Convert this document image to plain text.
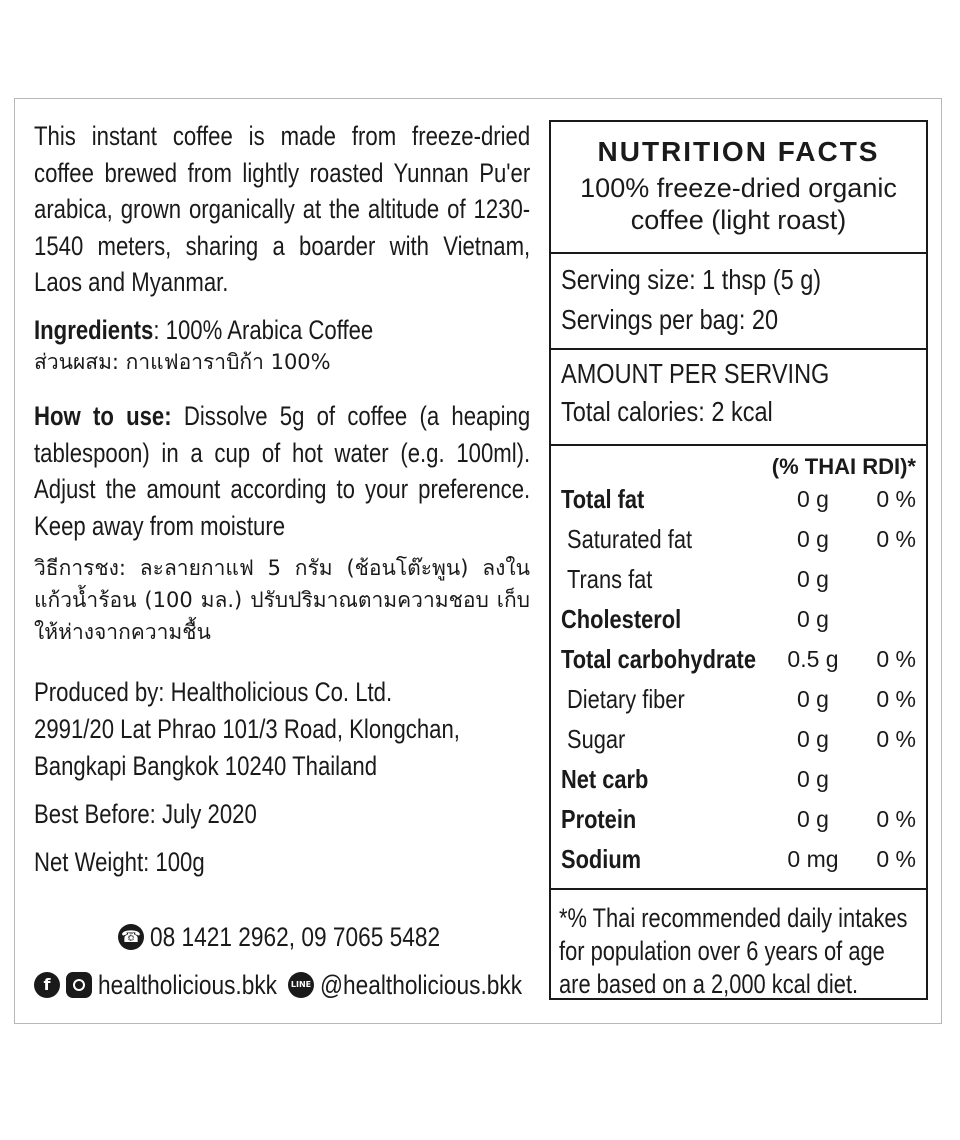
This instant coffee is made from freeze-dried coffee brewed from lightly roasted Yunnan Pu'er arabica, grown organically at the altitude of 1230-1540 meters, sharing a boarder with Vietnam, Laos and Myanmar.

Ingredients: 100% Arabica Coffee

ส่วนผสม: กาแฟอาราบิก้า 100%

How to use: Dissolve 5g of coffee (a heaping tablespoon) in a cup of hot water (e.g. 100ml). Adjust the amount according to your preference. Keep away from moisture

วิธีการชง: ละลายกาแฟ 5 กรัม (ช้อนโต๊ะพูน) ลงในแก้วน้ำร้อน (100 มล.) ปรับปริมาณตามความชอบ เก็บให้ห่างจากความชื้น

Produced by: Healtholicious Co. Ltd.

2991/20 Lat Phrao 101/3 Road, Klongchan,

Bangkapi Bangkok 10240 Thailand

Best Before: July 2020

Net Weight: 100g

☎ 08 1421 2962, 09 7065 5482
f	healtholicious.bkk	LINE @healtholicious.bkk
NUTRITION FACTS
100% freeze-dried organic
coffee (light roast)
Serving size: 1 thsp (5 g)
Servings per bag: 20
AMOUNT PER SERVING
Total calories: 2 kcal
(% THAI RDI)*
Total fat	0 g	0 %
Saturated fat	0 g	0 %
Trans fat	0 g
Cholesterol	0 g
Total carbohydrate	0.5 g	0 %
Dietary fiber	0 g	0 %
Sugar	0 g	0 %
Net carb	0 g
Protein	0 g	0 %
Sodium	0 mg	0 %
*% Thai recommended daily intakes for population over 6 years of age are based on a 2,000 kcal diet.
